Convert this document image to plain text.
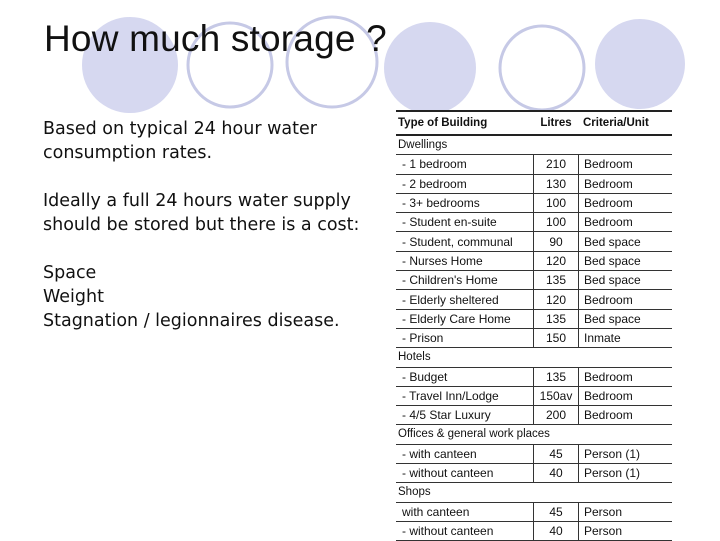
How much storage ?

Based on typical 24 hour water consumption rates.

Ideally a full 24 hours water supply should be stored but there is a cost:

Space
Weight
Stagnation / legionnaires disease.
Type of Building	Litres Criteria/Unit
Dwellings
- 1 bedroom	210	Bedroom
- 2 bedroom	130	Bedroom
- 3+ bedrooms	100	Bedroom
- Student en-suite	100	Bedroom
- Student, communal	90	Bed space
- Nurses Home	120	Bed space
- Children's Home	135	Bed space
- Elderly sheltered	120	Bedroom
- Elderly Care Home	135	Bed space
- Prison	150	Inmate
Hotels
- Budget	135	Bedroom
- Travel Inn/Lodge	150av Bedroom
- 4/5 Star Luxury	200	Bedroom
Offices & general work places
- with canteen	45	Person (1)
- without canteen	40	Person (1)
Shops
with canteen	45	Person
- without canteen	40	Person
